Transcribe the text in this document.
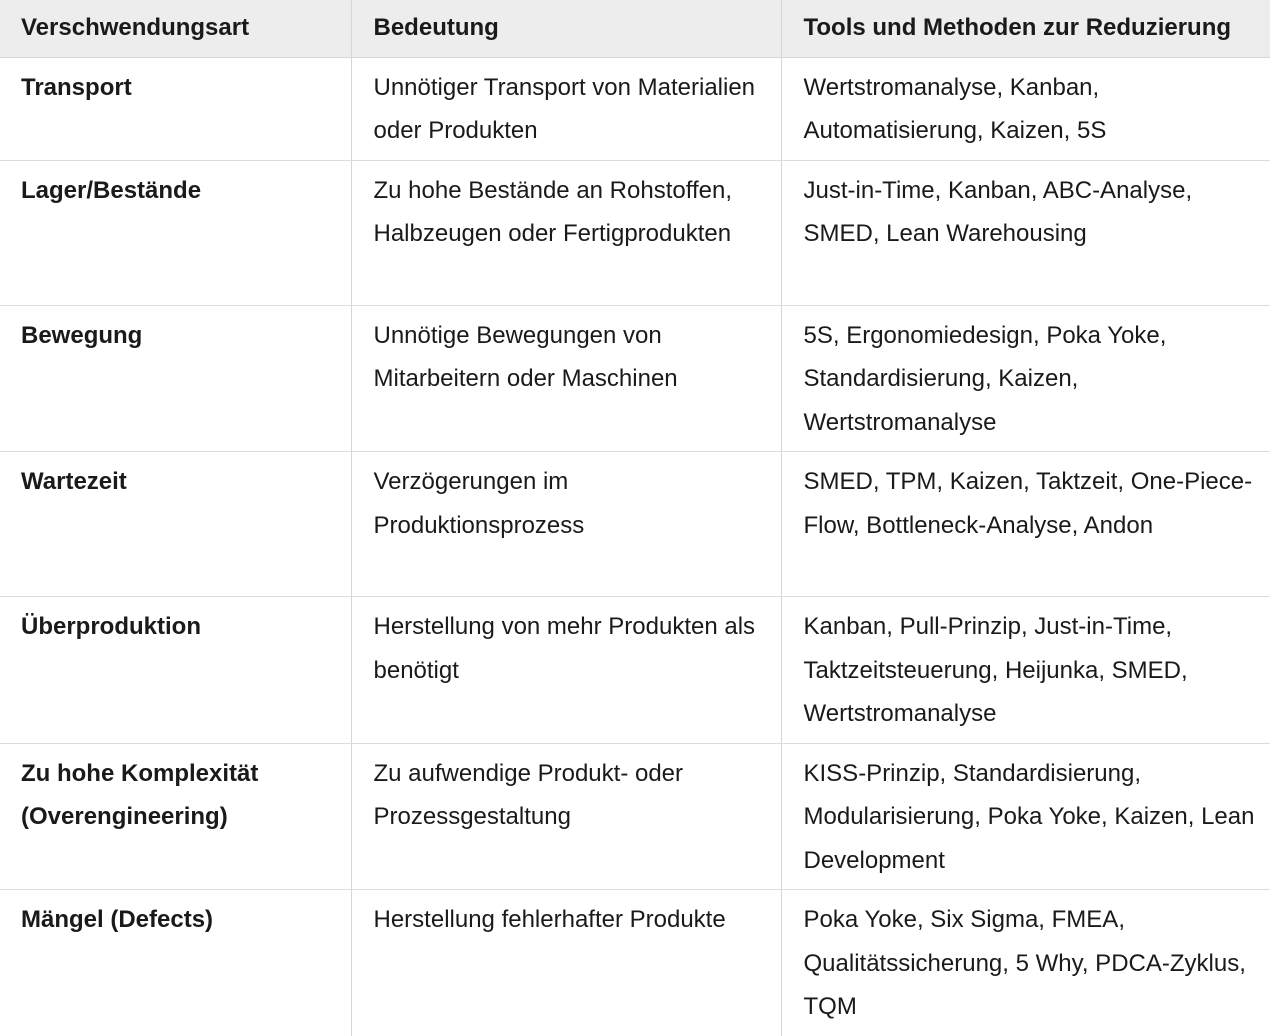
Verschwendungsart	Bedeutung	Tools und Methoden zur Reduzierung
Transport	Unnötiger Transport von Materialien oder Produkten	Wertstromanalyse, Kanban, Automatisierung, Kaizen, 5S
Lager/Bestände	Zu hohe Bestände an Rohstoffen, Halbzeugen oder Fertigprodukten	Just-in-Time, Kanban, ABC-Analyse, SMED, Lean Warehousing
Bewegung	Unnötige Bewegungen von Mitarbeitern oder Maschinen	5S, Ergonomiedesign, Poka Yoke, Standardisierung, Kaizen, Wertstromanalyse
Wartezeit	Verzögerungen im Produktionsprozess	SMED, TPM, Kaizen, Taktzeit, One-Piece-Flow, Bottleneck-Analyse, Andon
Überproduktion	Herstellung von mehr Produkten als benötigt	Kanban, Pull-Prinzip, Just-in-Time, Taktzeitsteuerung, Heijunka, SMED, Wertstromanalyse
Zu hohe Komplexität (Overengineering)	Zu aufwendige Produkt- oder Prozessgestaltung	KISS-Prinzip, Standardisierung, Modularisierung, Poka Yoke, Kaizen, Lean Development
Mängel (Defects)	Herstellung fehlerhafter Produkte	Poka Yoke, Six Sigma, FMEA, Qualitätssicherung, 5 Why, PDCA-Zyklus, TQM
